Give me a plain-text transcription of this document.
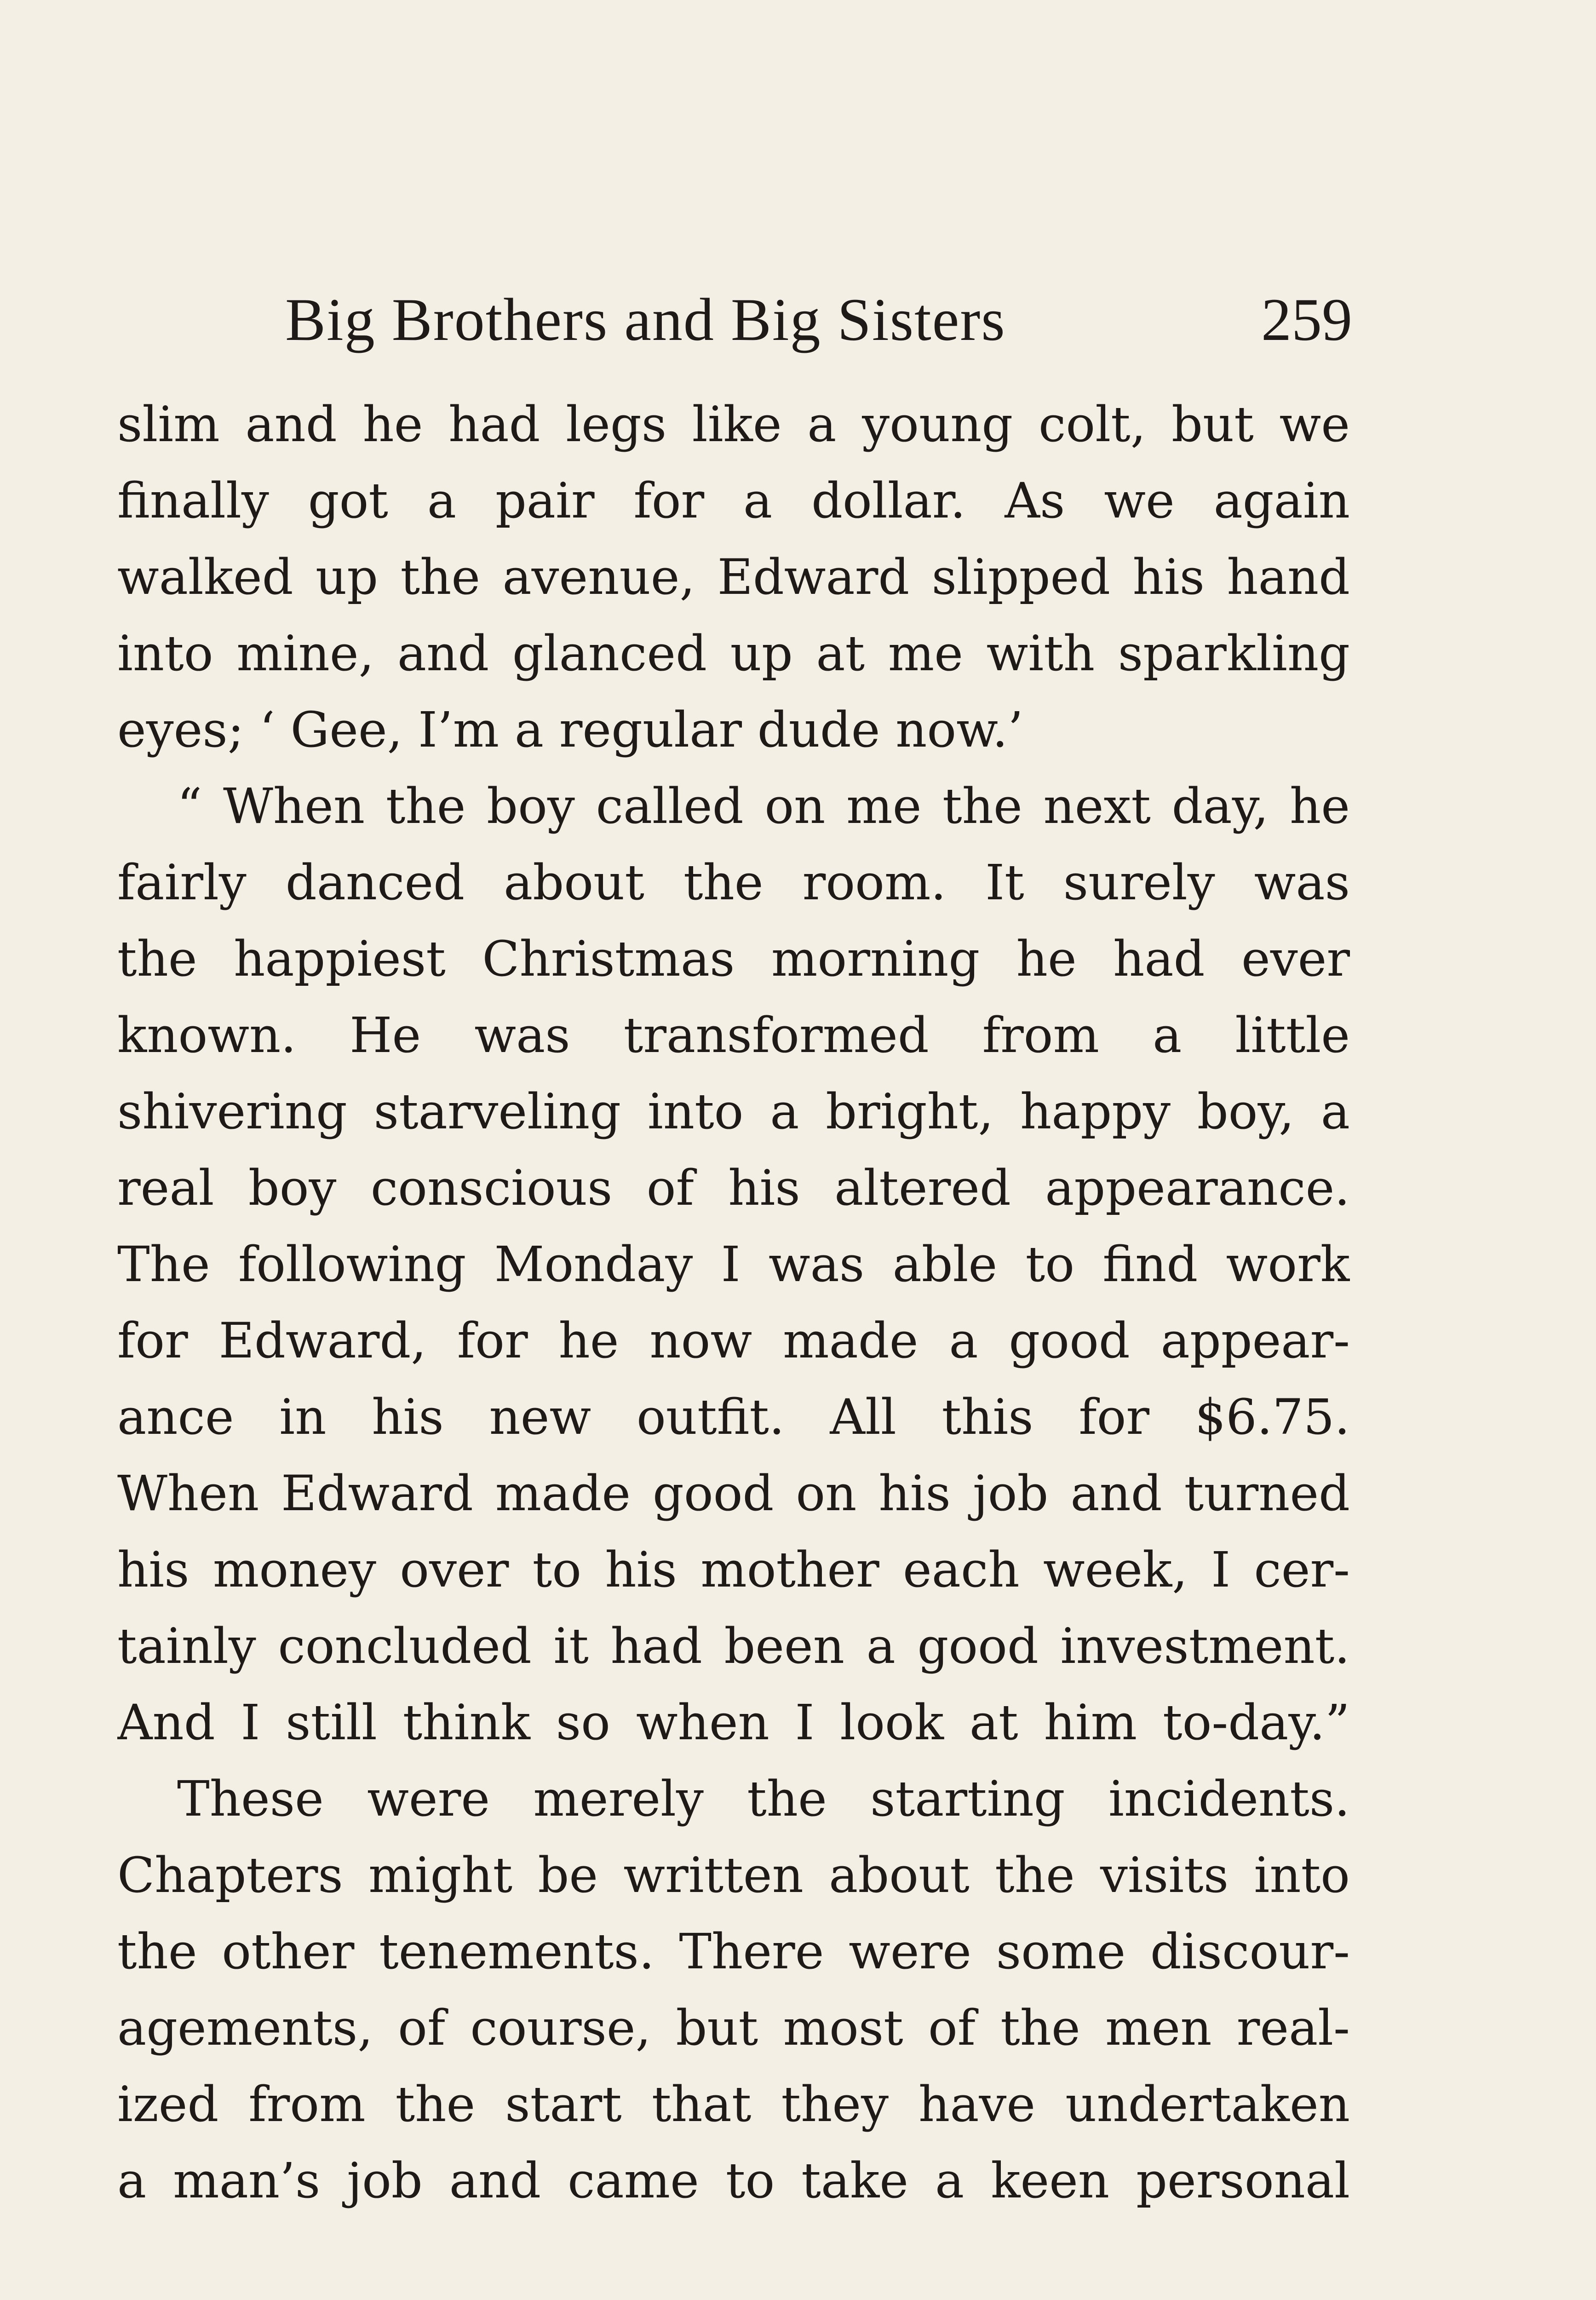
Big Brothers and Big Sisters	259
slim and he had legs like a young colt, but we
finally got a pair for a dollar. As we again
walked up the avenue, Edward slipped his hand
into mine, and glanced up at me with sparkling
eyes; ‘ Gee, I’m a regular dude now.’
“ When the boy called on me the next day, he
fairly danced about the room. It surely was
the happiest Christmas morning he had ever
known. He was transformed from a little
shivering starveling into a bright, happy boy, a
real boy conscious of his altered appearance.
The following Monday I was able to find work
for Edward, for he now made a good appear-
ance in his new outfit. All this for $6.75.
When Edward made good on his job and turned
his money over to his mother each week, I cer-
tainly concluded it had been a good investment.
And I still think so when I look at him to-day.”
These were merely the starting incidents.
Chapters might be written about the visits into
the other tenements. There were some discour-
agements, of course, but most of the men real-
ized from the start that they have undertaken
a man’s job and came to take a keen personal
